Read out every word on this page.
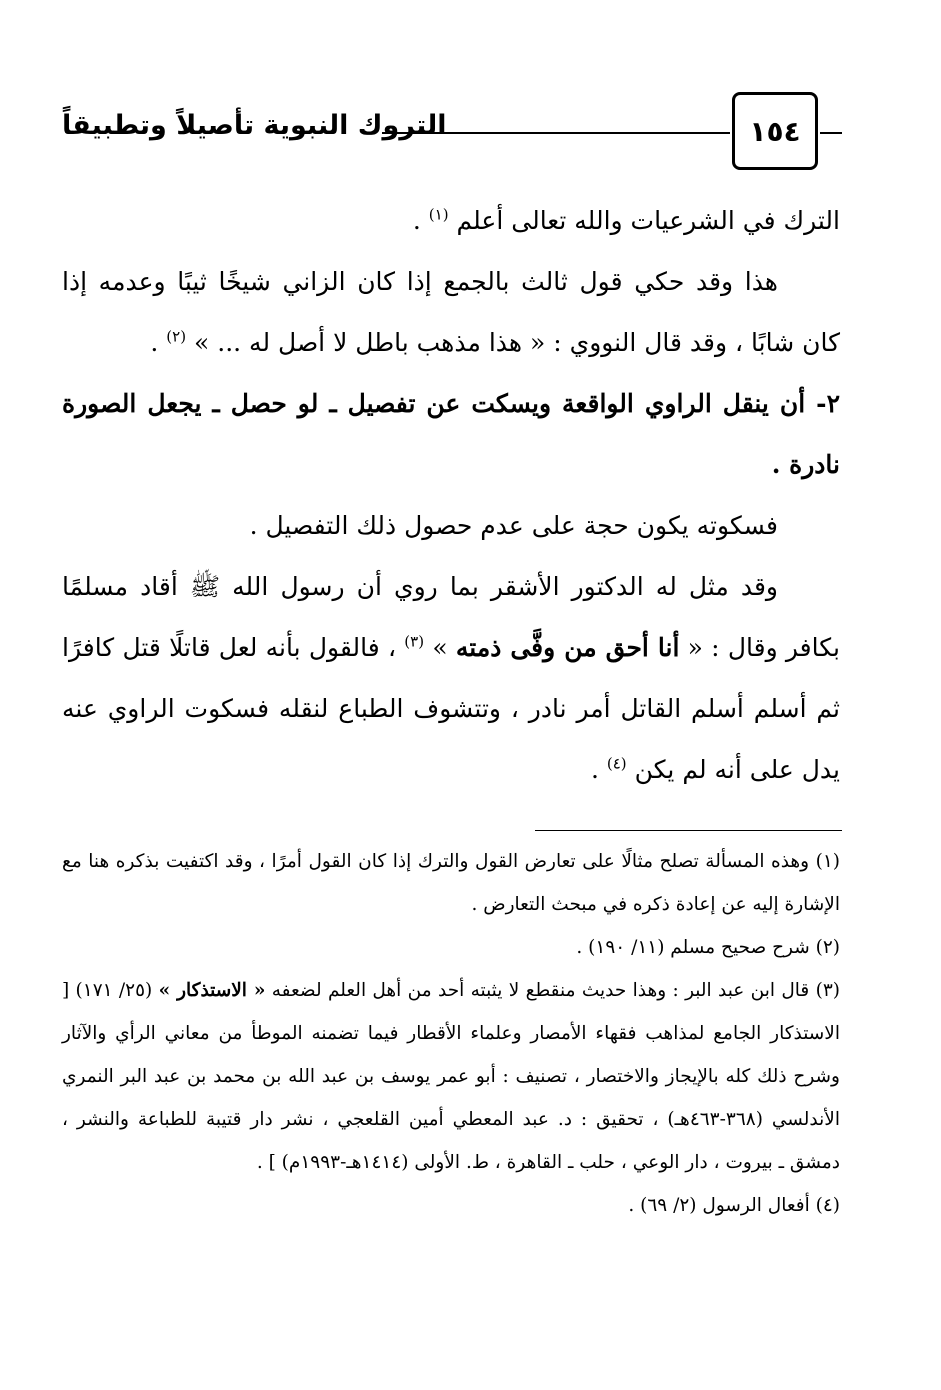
التروك النبوية تأصيلاً وتطبيقاً	١٥٤

الترك في الشرعيات والله تعالى أعلم $^{(١)}$ .

هذا وقد حكي قول ثالث بالجمع إذا كان الزاني شيخًا ثيبًا وعدمه إذا كان شابًا ، وقد قال النووي : « هذا مذهب باطل لا أصل له ... » $^{(٢)}$ .

٢- أن ينقل الراوي الواقعة ويسكت عن تفصيل ـ لو حصل ـ يجعل الصورة نادرة .

فسكوته يكون حجة على عدم حصول ذلك التفصيل .

وقد مثل له الدكتور الأشقر بما روي أن رسول الله ﷺ أقاد مسلمًا بكافر وقال : « أنا أحق من وفَّى ذمته » $^{(٣)}$ ، فالقول بأنه لعل قاتلًا قتل كافرًا ثم أسلم أسلم القاتل أمر نادر ، وتتشوف الطباع لنقله فسكوت الراوي عنه يدل على أنه لم يكن $^{(٤)}$ .

(١) وهذه المسألة تصلح مثالًا على تعارض القول والترك إذا كان القول أمرًا ، وقد اكتفيت بذكره هنا مع الإشارة إليه عن إعادة ذكره في مبحث التعارض .

(٢) شرح صحيح مسلم (١١/ ١٩٠) .

(٣) قال ابن عبد البر : وهذا حديث منقطع لا يثبته أحد من أهل العلم لضعفه « الاستذكار » (٢٥/ ١٧١) [ الاستذكار الجامع لمذاهب فقهاء الأمصار وعلماء الأقطار فيما تضمنه الموطأ من معاني الرأي والآثار وشرح ذلك كله بالإيجاز والاختصار ، تصنيف : أبو عمر يوسف بن عبد الله بن محمد بن عبد البر النمري الأندلسي (٣٦٨-٤٦٣هـ) ، تحقيق : د. عبد المعطي أمين القلعجي ، نشر دار قتيبة للطباعة والنشر ، دمشق ـ بيروت ، دار الوعي ، حلب ـ القاهرة ، ط. الأولى (١٤١٤هـ-١٩٩٣م) ] .

(٤) أفعال الرسول (٢/ ٦٩) .
